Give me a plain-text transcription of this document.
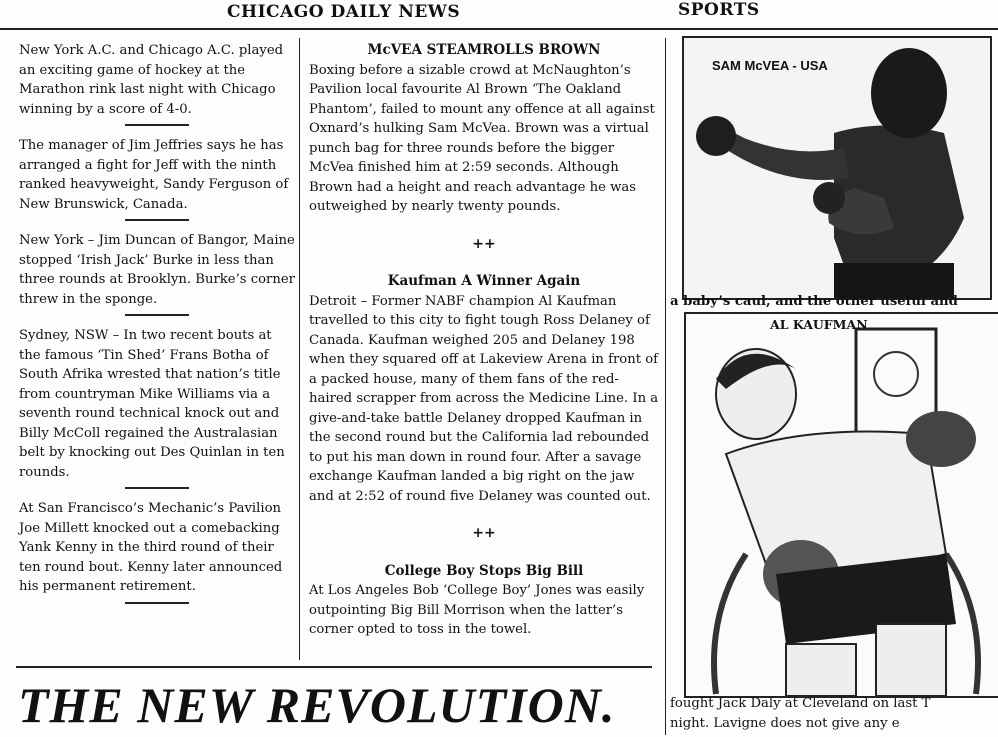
CHICAGO DAILY NEWS	SPORTS

New York A.C. and Chicago A.C. played an exciting game of hockey at the Marathon rink last night with Chicago winning by a score of 4-0.

The manager of Jim Jeffries says he has arranged a fight for Jeff with the ninth ranked heavyweight, Sandy Ferguson of New Brunswick, Canada.

New York – Jim Duncan of Bangor, Maine stopped ‘Irish Jack’ Burke in less than three rounds at Brooklyn. Burke’s corner threw in the sponge.

Sydney, NSW – In two recent bouts at the famous ‘Tin Shed’ Frans Botha of South Afrika wrested that nation’s title from countryman Mike Williams via a seventh round technical knock out and Billy McColl regained the Australasian belt by knocking out Des Quinlan in ten rounds.

At San Francisco’s Mechanic’s Pavilion Joe Millett knocked out a comebacking Yank Kenny in the third round of their ten round bout. Kenny later announced his permanent retirement.

McVEA STEAMROLLS BROWN

Boxing before a sizable crowd at McNaughton’s Pavilion local favourite Al Brown ‘The Oakland Phantom’, failed to mount any offence at all against Oxnard’s hulking Sam McVea. Brown was a virtual punch bag for three rounds before the bigger McVea finished him at 2:59 seconds. Although Brown had a height and reach advantage he was outweighed by nearly twenty pounds.

++

Kaufman A Winner Again

Detroit – Former NABF champion Al Kaufman travelled to this city to fight tough Ross Delaney of Canada. Kaufman weighed 205 and Delaney 198 when they squared off at Lakeview Arena in front of a packed house, many of them fans of the red-haired scrapper from across the Medicine Line. In a give-and-take battle Delaney dropped Kaufman in the second round but the California lad rebounded to put his man down in round four. After a savage exchange Kaufman landed a big right on the jaw and at 2:52 of round five Delaney was counted out.

++

College Boy Stops Big Bill

At Los Angeles Bob ‘College Boy’ Jones was easily outpointing Big Bill Morrison when the latter’s corner opted to toss in the towel.

THE NEW REVOLUTION.
SAM McVEA - USA
a baby’s caul, and the other useful and
AL KAUFMAN
fought Jack Daly at Cleveland on last T
night. Lavigne does not give any e
